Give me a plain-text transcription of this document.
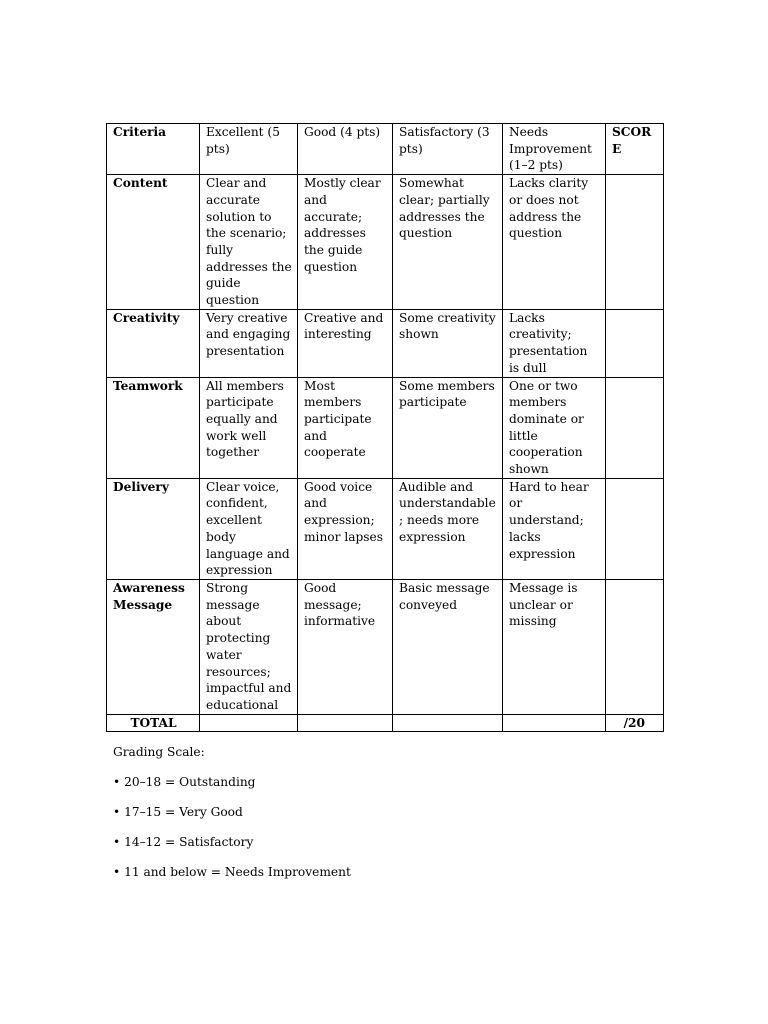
Criteria	Excellent (5 pts)	Good (4 pts)	Satisfactory (3 pts)	Needs Improvement (1–2 pts)	SCORE
Content	Clear and accurate solution to the scenario; fully addresses the guide question	Mostly clear and accurate; addresses the guide question	Somewhat clear; partially addresses the question	Lacks clarity or does not address the question	
Creativity	Very creative and engaging presentation	Creative and interesting	Some creativity shown	Lacks creativity; presentation is dull	
Teamwork	All members participate equally and work well together	Most members participate and cooperate	Some members participate	One or two members dominate or little cooperation shown	
Delivery	Clear voice, confident, excellent body language and expression	Good voice and expression; minor lapses	Audible and understandable; needs more expression	Hard to hear or understand; lacks expression	
Awareness Message	Strong message about protecting water resources; impactful and educational	Good message; informative	Basic message conveyed	Message is unclear or missing	
TOTAL					/20

Grading Scale:

• 20–18 = Outstanding

• 17–15 = Very Good

• 14–12 = Satisfactory

• 11 and below = Needs Improvement
